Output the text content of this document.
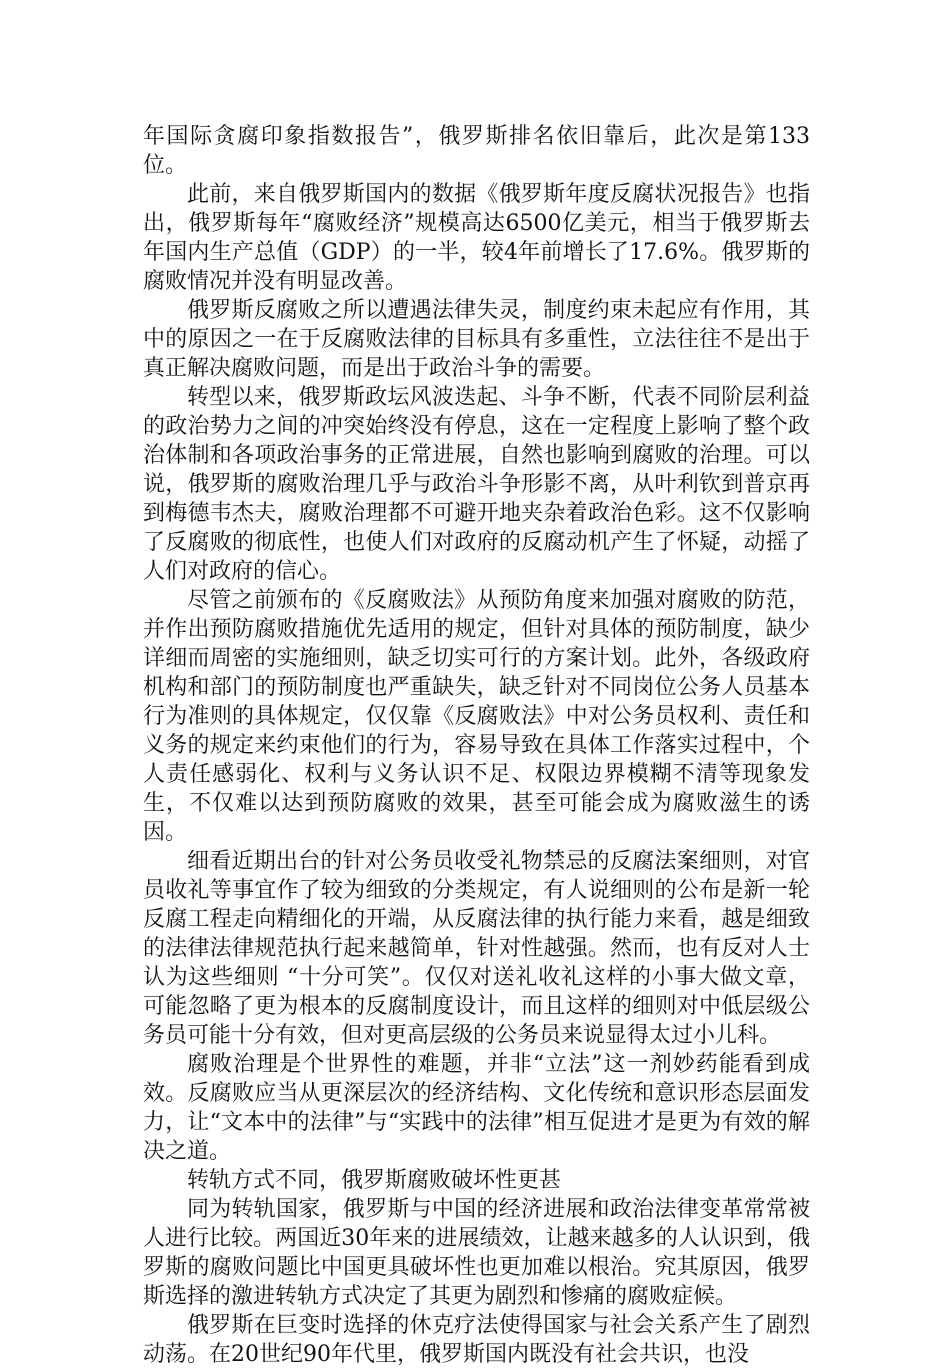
年国际贪腐印象指数报告”，俄罗斯排名依旧靠后，此次是第133位。

此前，来自俄罗斯国内的数据《俄罗斯年度反腐状况报告》也指出，俄罗斯每年“腐败经济”规模高达6500亿美元，相当于俄罗斯去年国内生产总值（GDP）的一半，较4年前增长了17.6%。俄罗斯的腐败情况并没有明显改善。

俄罗斯反腐败之所以遭遇法律失灵，制度约束未起应有作用，其中的原因之一在于反腐败法律的目标具有多重性，立法往往不是出于真正解决腐败问题，而是出于政治斗争的需要。

转型以来，俄罗斯政坛风波迭起、斗争不断，代表不同阶层利益的政治势力之间的冲突始终没有停息，这在一定程度上影响了整个政治体制和各项政治事务的正常进展，自然也影响到腐败的治理。可以说，俄罗斯的腐败治理几乎与政治斗争形影不离，从叶利钦到普京再到梅德韦杰夫，腐败治理都不可避开地夹杂着政治色彩。这不仅影响了反腐败的彻底性，也使人们对政府的反腐动机产生了怀疑，动摇了人们对政府的信心。

尽管之前颁布的《反腐败法》从预防角度来加强对腐败的防范，并作出预防腐败措施优先适用的规定，但针对具体的预防制度，缺少详细而周密的实施细则，缺乏切实可行的方案计划。此外，各级政府机构和部门的预防制度也严重缺失，缺乏针对不同岗位公务人员基本行为准则的具体规定，仅仅靠《反腐败法》中对公务员权利、责任和义务的规定来约束他们的行为，容易导致在具体工作落实过程中，个人责任感弱化、权利与义务认识不足、权限边界模糊不清等现象发生，不仅难以达到预防腐败的效果，甚至可能会成为腐败滋生的诱因。

细看近期出台的针对公务员收受礼物禁忌的反腐法案细则，对官员收礼等事宜作了较为细致的分类规定，有人说细则的公布是新一轮反腐工程走向精细化的开端，从反腐法律的执行能力来看，越是细致的法律法律规范执行起来越简单，针对性越强。然而，也有反对人士认为这些细则 “十分可笑”。仅仅对送礼收礼这样的小事大做文章，可能忽略了更为根本的反腐制度设计，而且这样的细则对中低层级公务员可能十分有效，但对更高层级的公务员来说显得太过小儿科。

腐败治理是个世界性的难题，并非“立法”这一剂妙药能看到成效。反腐败应当从更深层次的经济结构、文化传统和意识形态层面发力，让“文本中的法律”与“实践中的法律”相互促进才是更为有效的解决之道。

转轨方式不同，俄罗斯腐败破坏性更甚

同为转轨国家，俄罗斯与中国的经济进展和政治法律变革常常被人进行比较。两国近30年来的进展绩效，让越来越多的人认识到，俄罗斯的腐败问题比中国更具破坏性也更加难以根治。究其原因，俄罗斯选择的激进转轨方式决定了其更为剧烈和惨痛的腐败症候。

俄罗斯在巨变时选择的休克疗法使得国家与社会关系产生了剧烈动荡。在20世纪90年代里，俄罗斯国内既没有社会共识，也没
